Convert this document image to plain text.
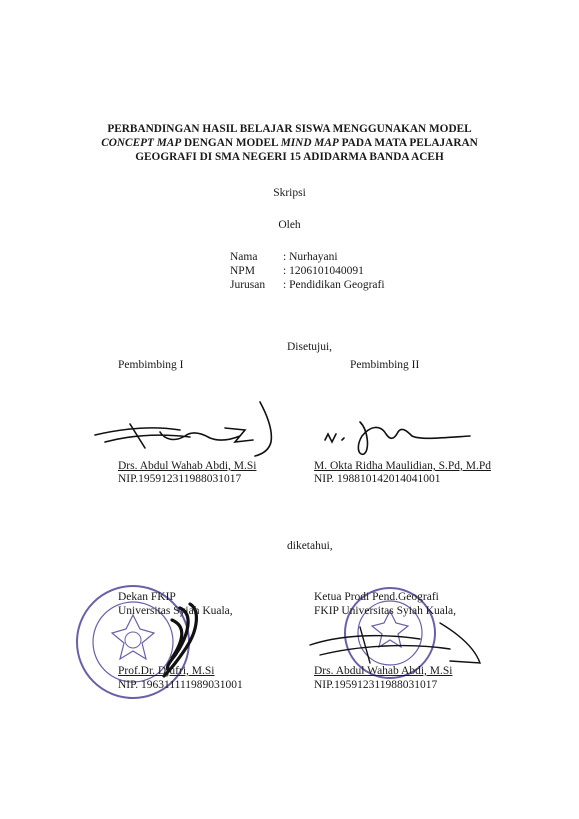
PERBANDINGAN HASIL BELAJAR SISWA MENGGUNAKAN MODEL
CONCEPT MAP DENGAN MODEL MIND MAP PADA MATA PELAJARAN
GEOGRAFI DI SMA NEGERI 15 ADIDARMA BANDA ACEH
Skripsi
Oleh
Nama : Nurhayani
NPM : 1206101040091
Jurusan : Pendidikan Geografi
Disetujui,
Pembimbing I	Pembimbing II
Drs. Abdul Wahab Abdi, M.Si
NIP.195912311988031017
M. Okta Ridha Maulidian, S.Pd, M.Pd
NIP. 198810142014041001
diketahui,
Dekan FKIP
Universitas Syiah Kuala,
Prof.Dr. Djufri, M.Si
NIP. 196311111989031001
Ketua Prodi Pend.Geografi
FKIP Universitas Syiah Kuala,
Drs. Abdul Wahab Abdi, M.Si
NIP.195912311988031017
